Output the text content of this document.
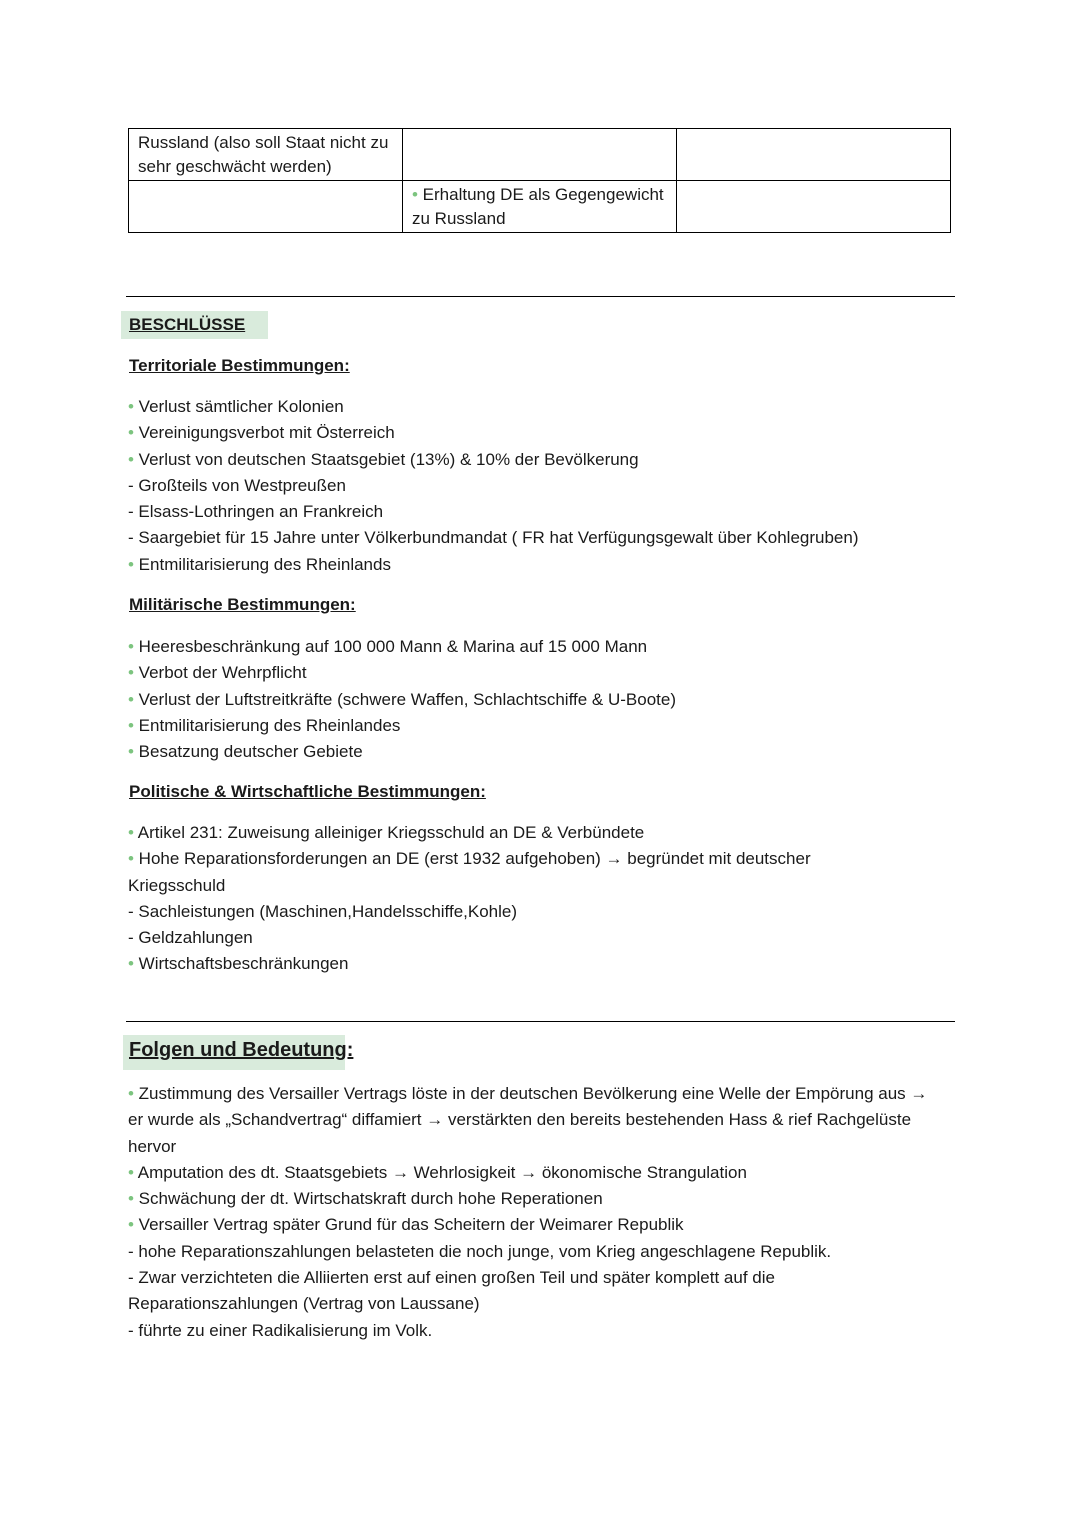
Russland (also soll Staat nicht zu sehr geschwächt werden)		
	• Erhaltung DE als Gegengewicht zu Russland	
BESCHLÜSSE
Territoriale Bestimmungen:
• Verlust sämtlicher Kolonien
• Vereinigungsverbot mit Österreich
• Verlust von deutschen Staatsgebiet (13%) & 10% der Bevölkerung
- Großteils von Westpreußen
- Elsass-Lothringen an Frankreich
- Saargebiet für 15 Jahre unter Völkerbundmandat ( FR hat Verfügungsgewalt über Kohlegruben)
• Entmilitarisierung des Rheinlands
Militärische Bestimmungen:
• Heeresbeschränkung auf 100 000 Mann & Marina auf 15 000 Mann
• Verbot der Wehrpflicht
• Verlust der Luftstreitkräfte (schwere Waffen, Schlachtschiffe & U-Boote)
• Entmilitarisierung des Rheinlandes
• Besatzung deutscher Gebiete
Politische & Wirtschaftliche Bestimmungen:
• Artikel 231: Zuweisung alleiniger Kriegsschuld an DE & Verbündete
• Hohe Reparationsforderungen an DE (erst 1932 aufgehoben) → begründet mit deutscher Kriegsschuld
- Sachleistungen (Maschinen,Handelsschiffe,Kohle)
- Geldzahlungen
• Wirtschaftsbeschränkungen
Folgen und Bedeutung:
• Zustimmung des Versailler Vertrags löste in der deutschen Bevölkerung eine Welle der Empörung aus → er wurde als „Schandvertrag“ diffamiert → verstärkten den bereits bestehenden Hass & rief Rachgelüste hervor
• Amputation des dt. Staatsgebiets → Wehrlosigkeit → ökonomische Strangulation
• Schwächung der dt. Wirtschatskraft durch hohe Reperationen
• Versailler Vertrag später Grund für das Scheitern der Weimarer Republik
- hohe Reparationszahlungen belasteten die noch junge, vom Krieg angeschlagene Republik.
- Zwar verzichteten die Alliierten erst auf einen großen Teil und später komplett auf die Reparationszahlungen (Vertrag von Laussane)
- führte zu einer Radikalisierung im Volk.
